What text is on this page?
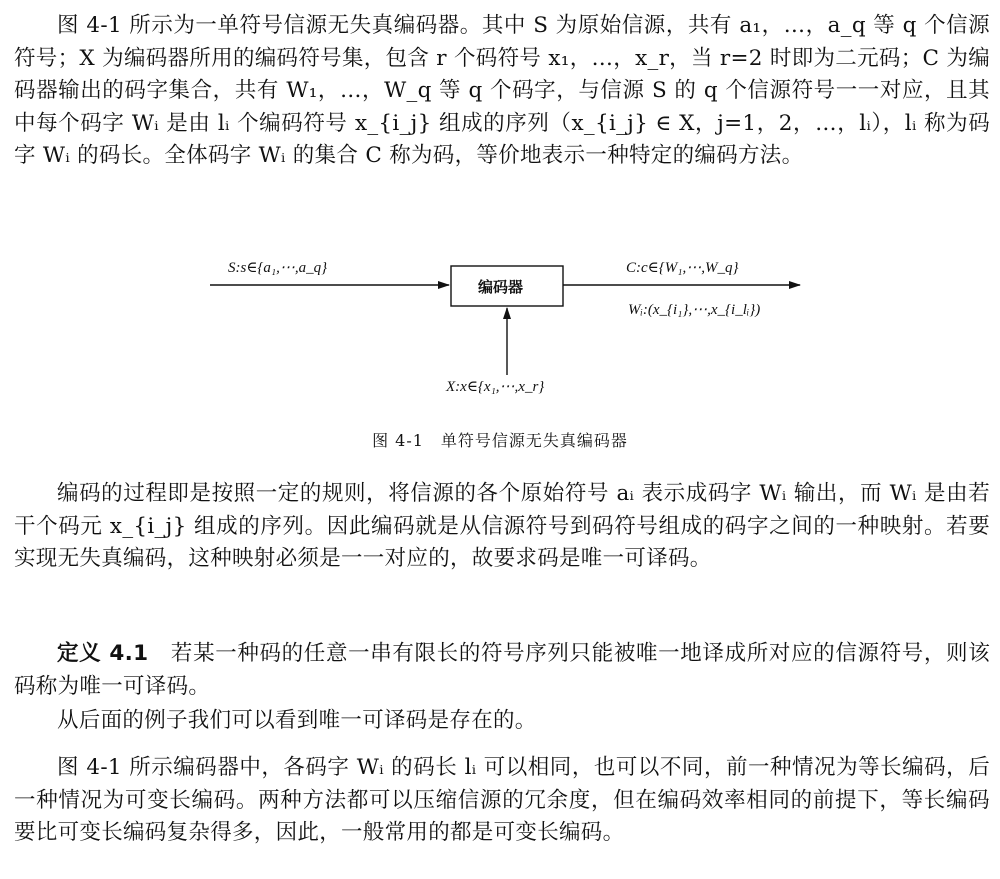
图 4-1 所示为一单符号信源无失真编码器。其中 S 为原始信源，共有 a₁，…，a_q 等 q 个信源符号；X 为编码器所用的编码符号集，包含 r 个码符号 x₁，…，x_r，当 r=2 时即为二元码；C 为编码器输出的码字集合，共有 W₁，…，W_q 等 q 个码字，与信源 S 的 q 个信源符号一一对应，且其中每个码字 Wᵢ 是由 lᵢ 个编码符号 x_{i_j} 组成的序列（x_{i_j} ∈ X，j=1，2，…，lᵢ），lᵢ 称为码字 Wᵢ 的码长。全体码字 Wᵢ 的集合 C 称为码，等价地表示一种特定的编码方法。
S:s∈{a₁,⋯,a_q}
编码器
C:c∈{W₁,⋯,W_q}
Wᵢ:(x_{i₁},⋯,x_{i_lᵢ})
X:x∈{x₁,⋯,x_r}
图 4-1　单符号信源无失真编码器
编码的过程即是按照一定的规则，将信源的各个原始符号 aᵢ 表示成码字 Wᵢ 输出，而 Wᵢ 是由若干个码元 x_{i_j} 组成的序列。因此编码就是从信源符号到码符号组成的码字之间的一种映射。若要实现无失真编码，这种映射必须是一一对应的，故要求码是唯一可译码。
定义 4.1　 若某一种码的任意一串有限长的符号序列只能被唯一地译成所对应的信源符号，则该码称为唯一可译码。
从后面的例子我们可以看到唯一可译码是存在的。
图 4-1 所示编码器中，各码字 Wᵢ 的码长 lᵢ 可以相同，也可以不同，前一种情况为等长编码，后一种情况为可变长编码。两种方法都可以压缩信源的冗余度，但在编码效率相同的前提下，等长编码要比可变长编码复杂得多，因此，一般常用的都是可变长编码。
